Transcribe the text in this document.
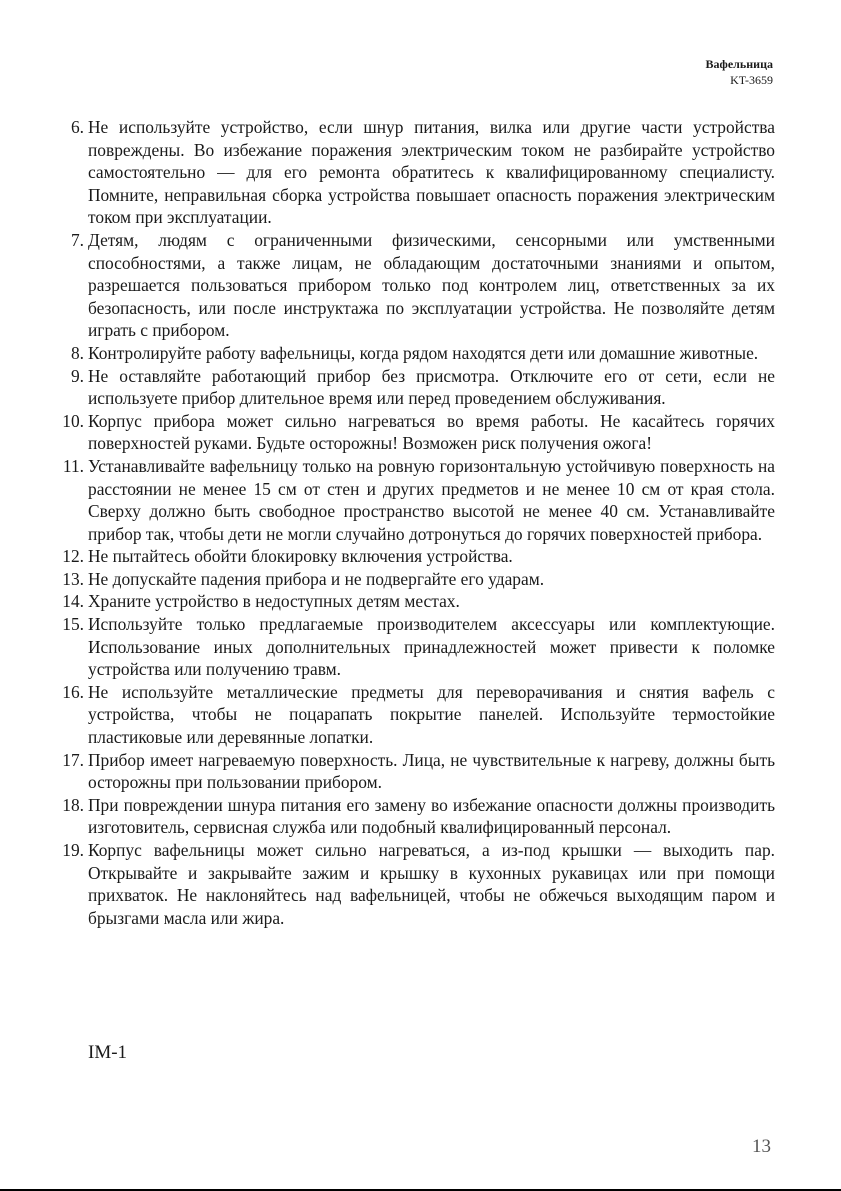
Вафельница
KT-3659
6. Не используйте устройство, если шнур питания, вилка или другие части устройства повреждены. Во избежание поражения электрическим током не разбирайте устройство самостоятельно — для его ремонта обратитесь к квалифицированному специалисту. Помните, неправильная сборка устройства повышает опасность поражения электрическим током при эксплуатации.
7. Детям, людям с ограниченными физическими, сенсорными или умственными способностями, а также лицам, не обладающим достаточными знаниями и опытом, разрешается пользоваться прибором только под контролем лиц, ответственных за их безопасность, или после инструктажа по эксплуатации устройства. Не позволяйте детям играть с прибором.
8. Контролируйте работу вафельницы, когда рядом находятся дети или домашние животные.
9. Не оставляйте работающий прибор без присмотра. Отключите его от сети, если не используете прибор длительное время или перед проведением обслуживания.
10. Корпус прибора может сильно нагреваться во время работы. Не касайтесь горячих поверхностей руками. Будьте осторожны! Возможен риск получения ожога!
11. Устанавливайте вафельницу только на ровную горизонтальную устойчивую поверхность на расстоянии не менее 15 см от стен и других предметов и не менее 10 см от края стола. Сверху должно быть свободное пространство высотой не менее 40 см. Устанавливайте прибор так, чтобы дети не могли случайно дотронуться до горячих поверхностей прибора.
12. Не пытайтесь обойти блокировку включения устройства.
13. Не допускайте падения прибора и не подвергайте его ударам.
14. Храните устройство в недоступных детям местах.
15. Используйте только предлагаемые производителем аксессуары или комплектующие. Использование иных дополнительных принадлежностей может привести к поломке устройства или получению травм.
16. Не используйте металлические предметы для переворачивания и снятия вафель с устройства, чтобы не поцарапать покрытие панелей. Используйте термостойкие пластиковые или деревянные лопатки.
17. Прибор имеет нагреваемую поверхность. Лица, не чувствительные к нагреву, должны быть осторожны при пользовании прибором.
18. При повреждении шнура питания его замену во избежание опасности должны производить изготовитель, сервисная служба или подобный квалифицированный персонал.
19. Корпус вафельницы может сильно нагреваться, а из-под крышки — выходить пар. Открывайте и закрывайте зажим и крышку в кухонных рукавицах или при помощи прихваток. Не наклоняйтесь над вафельницей, чтобы не обжечься выходящим паром и брызгами масла или жира.
IM-1
13
